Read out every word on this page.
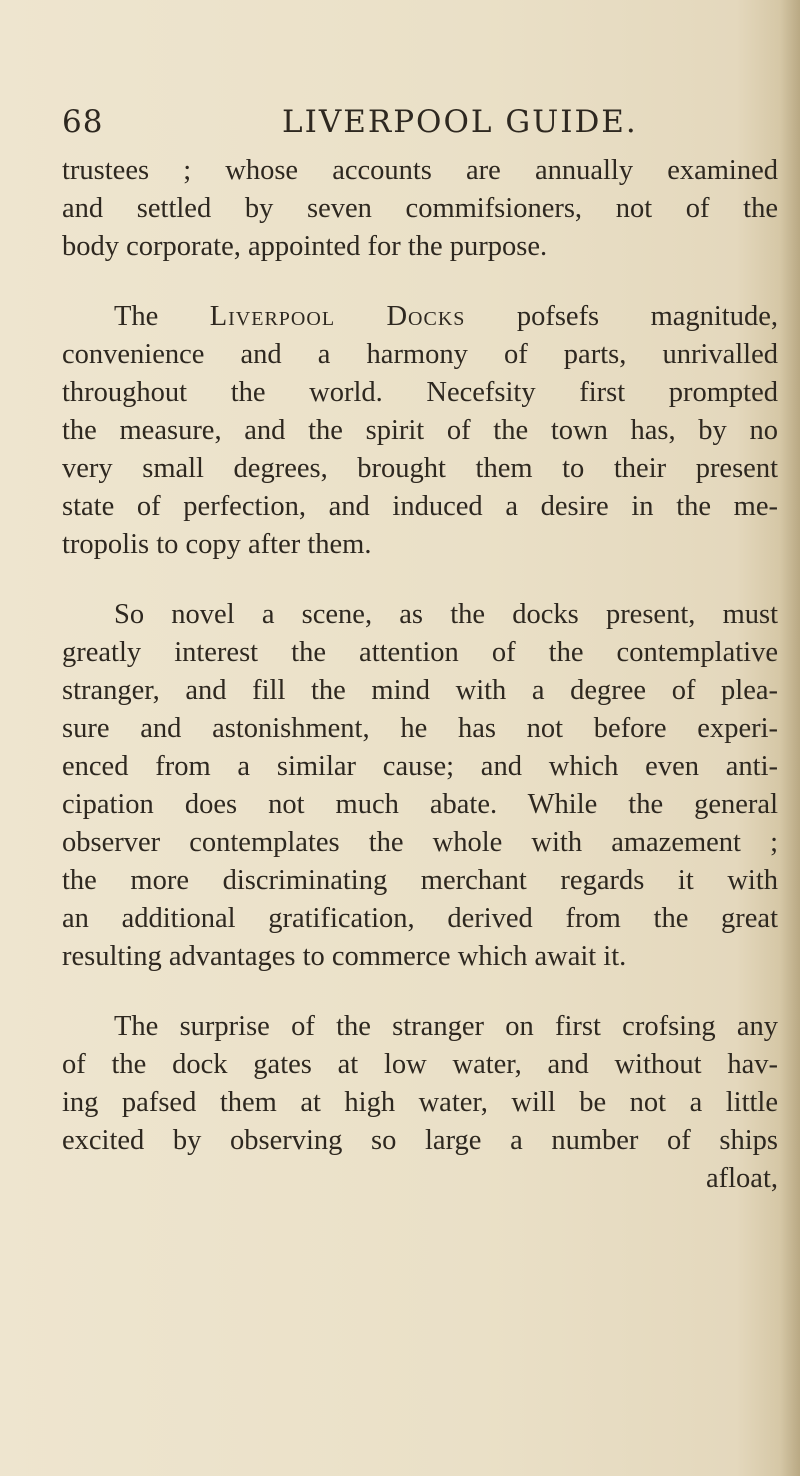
68	LIVERPOOL GUIDE.
trustees ; whose accounts are annually examined
and settled by seven commifsioners, not of the
body corporate, appointed for the purpose.
The Liverpool Docks pofsefs magnitude,
convenience and a harmony of parts, unrivalled
throughout the world. Necefsity first prompted
the measure, and the spirit of the town has, by no
very small degrees, brought them to their present
state of perfection, and induced a desire in the me-
tropolis to copy after them.
So novel a scene, as the docks present, must
greatly interest the attention of the contemplative
stranger, and fill the mind with a degree of plea-
sure and astonishment, he has not before experi-
enced from a similar cause; and which even anti-
cipation does not much abate. While the general
observer contemplates the whole with amazement ;
the more discriminating merchant regards it with
an additional gratification, derived from the great
resulting advantages to commerce which await it.
The surprise of the stranger on first crofsing any
of the dock gates at low water, and without hav-
ing pafsed them at high water, will be not a little
excited by observing so large a number of ships
afloat,
